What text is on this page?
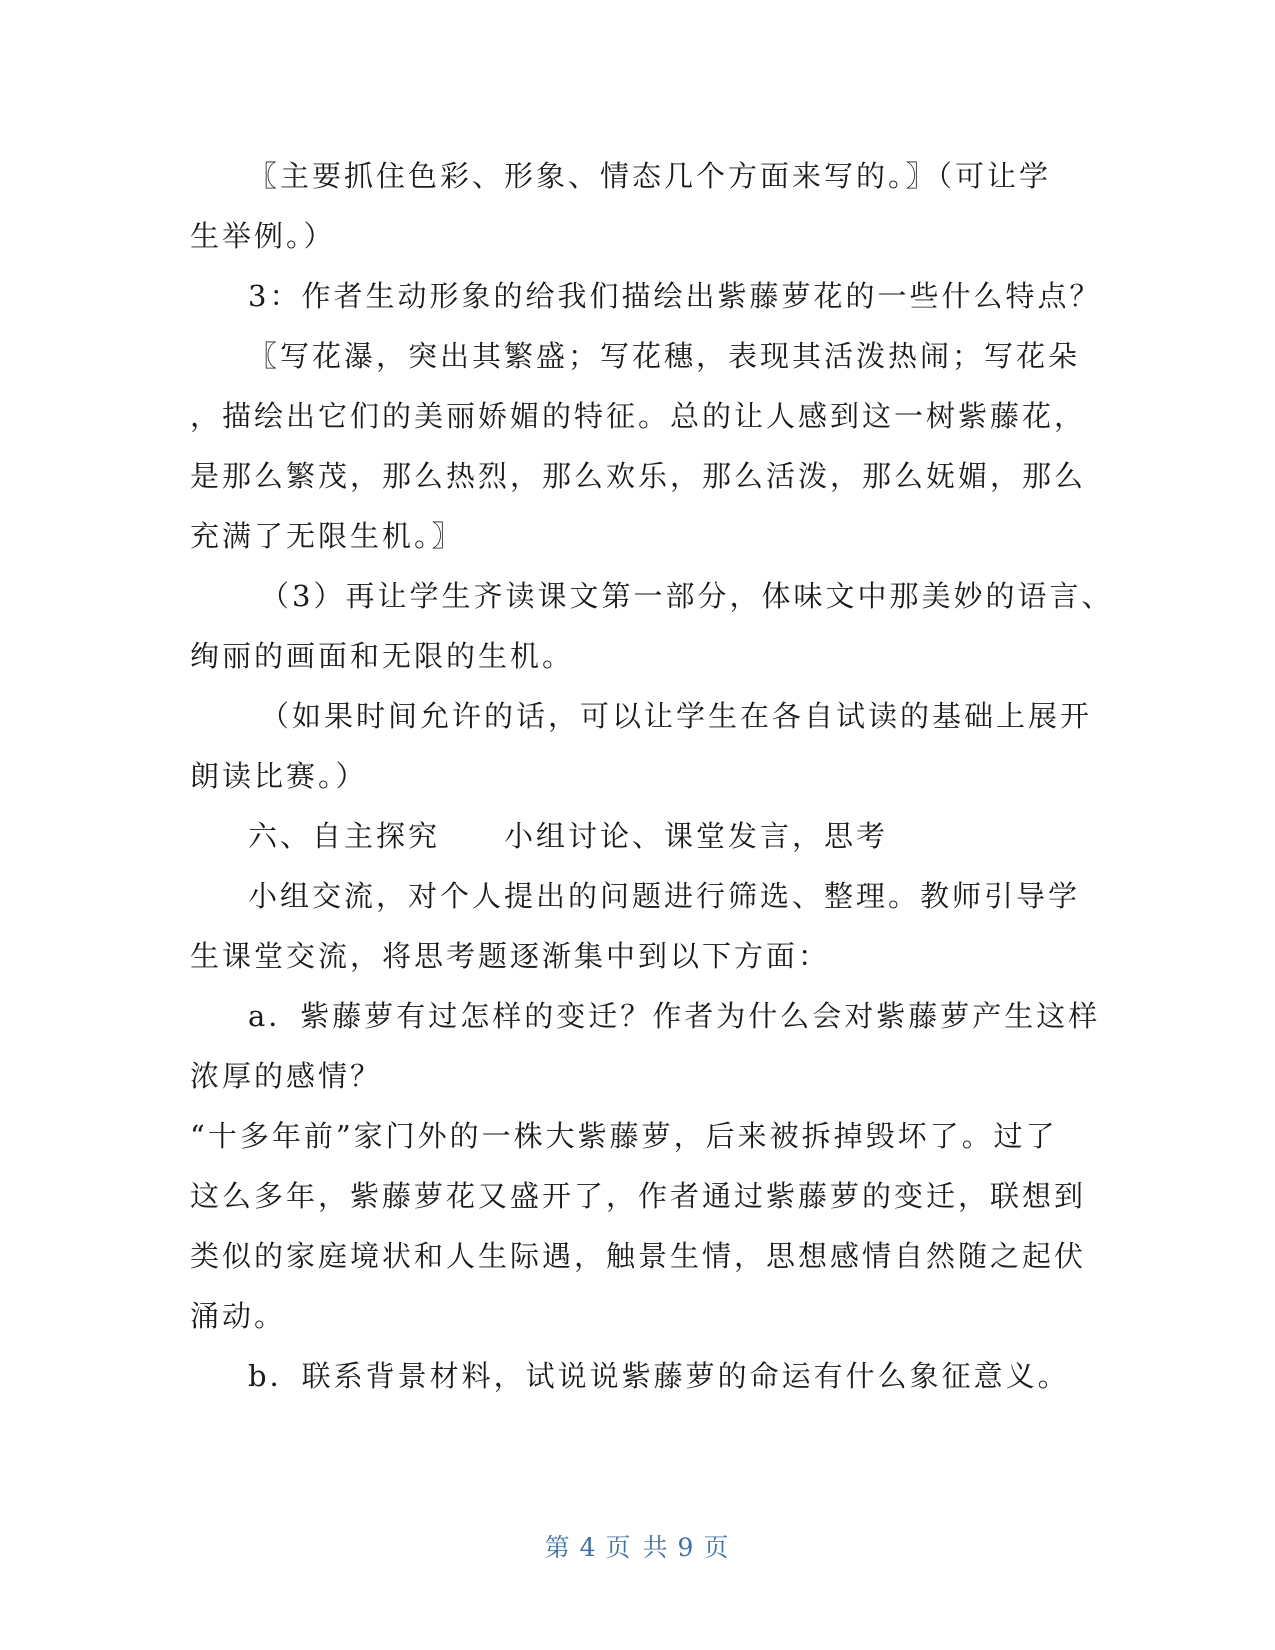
〖主要抓住色彩、形象、情态几个方面来写的。〗（可让学
生举例。）
3：作者生动形象的给我们描绘出紫藤萝花的一些什么特点？
〖写花瀑，突出其繁盛；写花穗，表现其活泼热闹；写花朵
，描绘出它们的美丽娇媚的特征。总的让人感到这一树紫藤花，
是那么繁茂，那么热烈，那么欢乐，那么活泼，那么妩媚，那么
充满了无限生机。〗
（3）再让学生齐读课文第一部分，体味文中那美妙的语言、
绚丽的画面和无限的生机。
（如果时间允许的话，可以让学生在各自试读的基础上展开
朗读比赛。）
六、自主探究　　小组讨论、课堂发言，思考
小组交流，对个人提出的问题进行筛选、整理。教师引导学
生课堂交流，将思考题逐渐集中到以下方面：
a．紫藤萝有过怎样的变迁？作者为什么会对紫藤萝产生这样
浓厚的感情？
“十多年前”家门外的一株大紫藤萝，后来被拆掉毁坏了。过了
这么多年，紫藤萝花又盛开了，作者通过紫藤萝的变迁，联想到
类似的家庭境状和人生际遇，触景生情，思想感情自然随之起伏
涌动。
b．联系背景材料，试说说紫藤萝的命运有什么象征意义。
第 4 页 共 9 页
